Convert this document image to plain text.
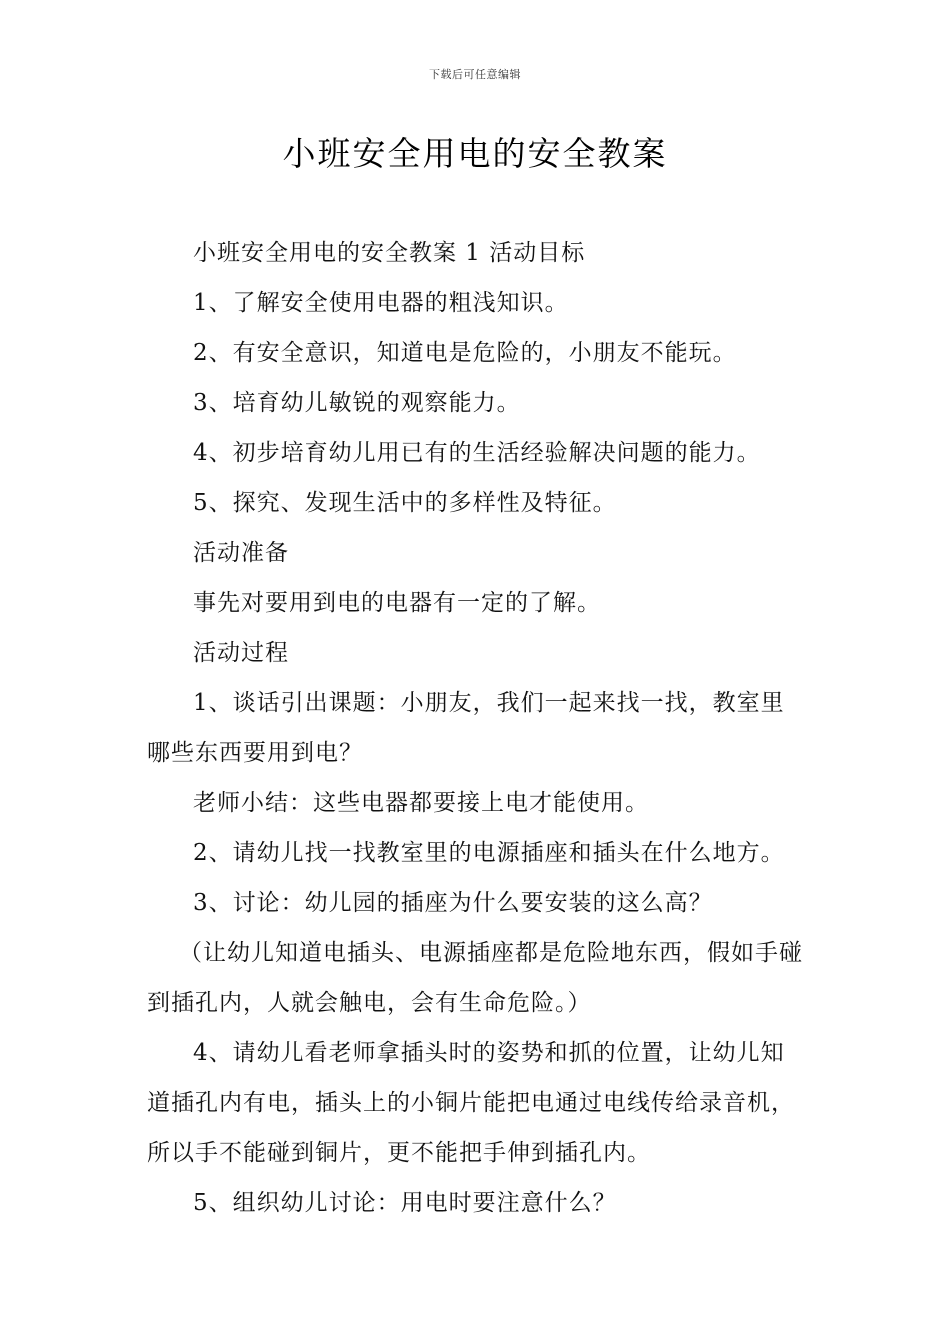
下载后可任意编辑
小班安全用电的安全教案

小班安全用电的安全教案 1 活动目标

1、了解安全使用电器的粗浅知识。

2、有安全意识，知道电是危险的，小朋友不能玩。

3、培育幼儿敏锐的观察能力。

4、初步培育幼儿用已有的生活经验解决问题的能力。

5、探究、发现生活中的多样性及特征。

活动准备

事先对要用到电的电器有一定的了解。

活动过程

1、谈话引出课题：小朋友，我们一起来找一找，教室里哪些东西要用到电？

老师小结：这些电器都要接上电才能使用。

2、请幼儿找一找教室里的电源插座和插头在什么地方。

3、讨论：幼儿园的插座为什么要安装的这么高？

（让幼儿知道电插头、电源插座都是危险地东西，假如手碰到插孔内，人就会触电，会有生命危险。）

4、请幼儿看老师拿插头时的姿势和抓的位置，让幼儿知道插孔内有电，插头上的小铜片能把电通过电线传给录音机，所以手不能碰到铜片，更不能把手伸到插孔内。

5、组织幼儿讨论：用电时要注意什么？
